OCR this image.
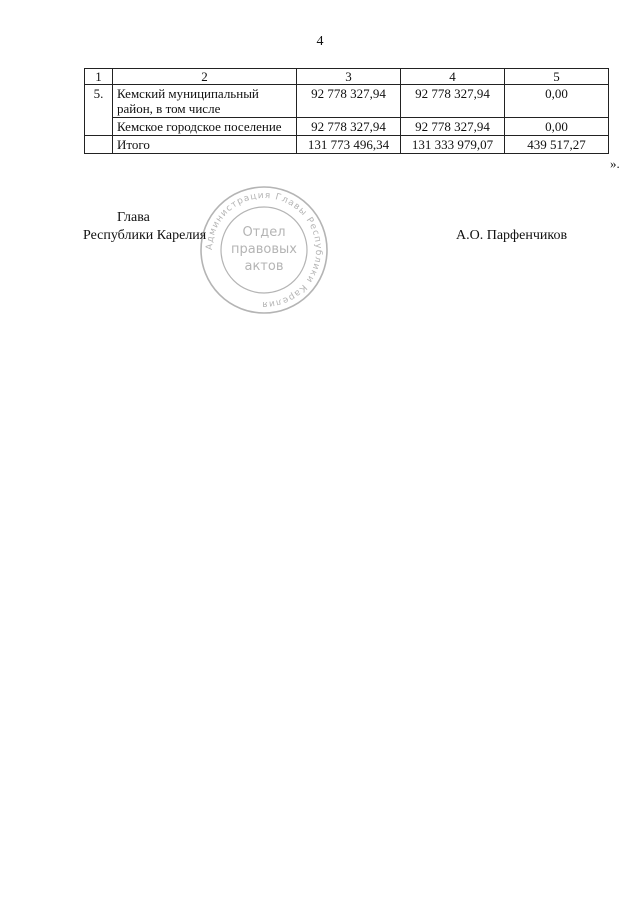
4
1	2	3	4	5
5.	Кемский муниципальный район, в том числе	92 778 327,94	92 778 327,94	0,00
	Кемское городское поселение	92 778 327,94	92 778 327,94	0,00
	Итого	131 773 496,34	131 333 979,07	439 517,27
».
Глава
Республики Карелия	А.О. Парфенчиков
Администрация Главы Республики Карелия
Отдел
правовых
актов
